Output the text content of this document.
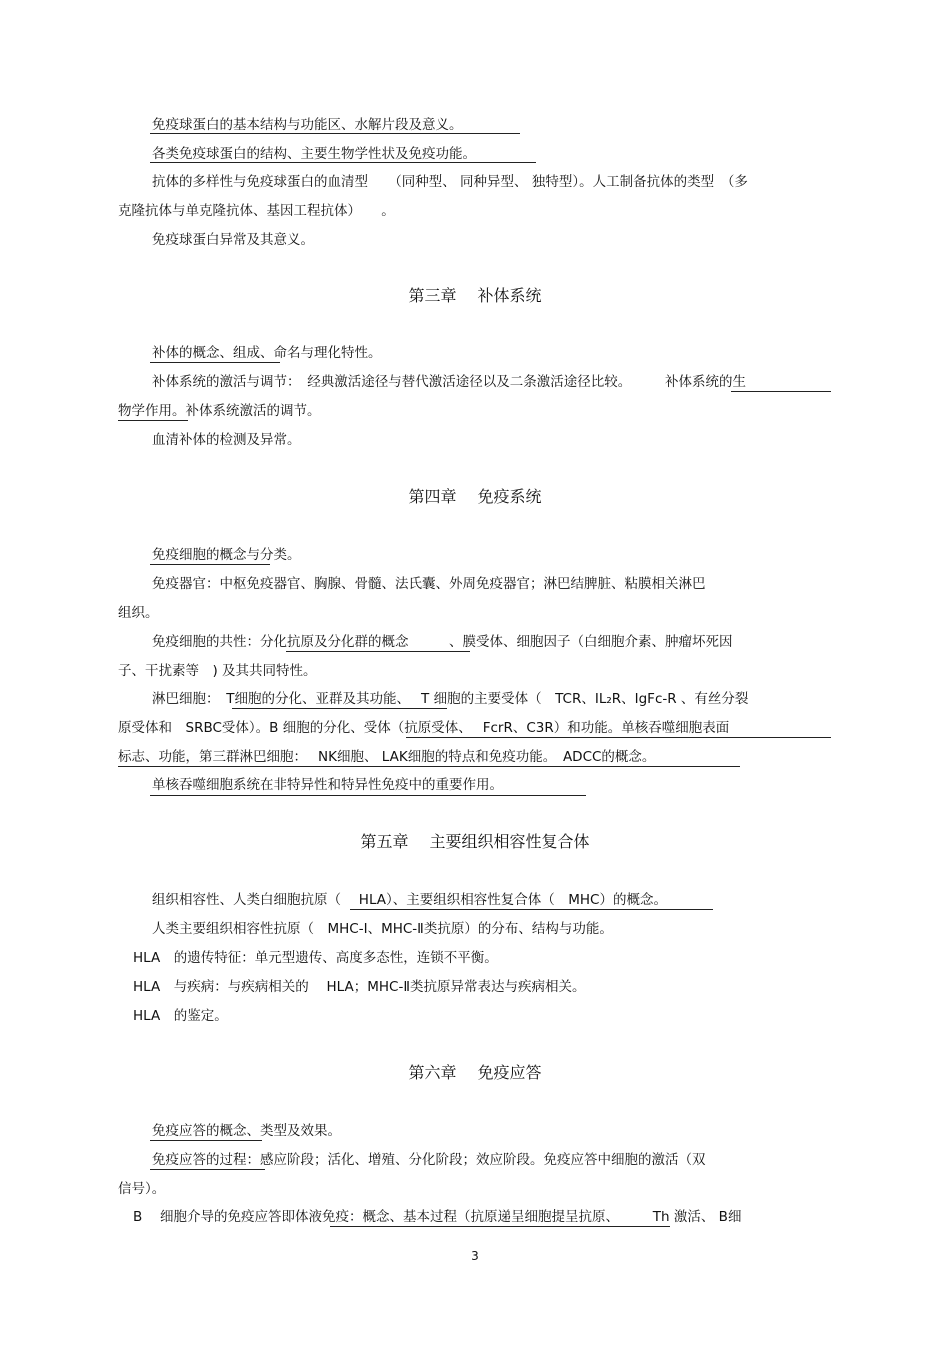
免疫球蛋白的基本结构与功能区、水解片段及意义。
各类免疫球蛋白的结构、主要生物学性状及免疫功能。
抗体的多样性与免疫球蛋白的血清型　　（同种型、 同种异型、 独特型）。人工制备抗体的类型　（多
克隆抗体与单克隆抗体、基因工程抗体）　　。
免疫球蛋白异常及其意义。
第三章　 补体系统
补体的概念、组成、命名与理化特性。
补体系统的激活与调节：　经典激活途径与替代激活途径以及二条激活途径比较。　　　补体系统的生
物学作用。补体系统激活的调节。
血清补体的检测及异常。
第四章　 免疫系统
免疫细胞的概念与分类。
免疫器官：中枢免疫器官、胸腺、骨髓、法氏囊、外周免疫器官；淋巴结脾脏、粘膜相关淋巴
组织。
免疫细胞的共性：分化抗原及分化群的概念　　　、膜受体、细胞因子（白细胞介素、肿瘤坏死因
子、干扰素等　) 及其共同特性。
淋巴细胞：　T细胞的分化、亚群及其功能、　 T 细胞的主要受体（　TCR、IL₂R、IgFc-R 、有丝分裂
原受体和　SRBC受体）。B 细胞的分化、受体（抗原受体、　 FcrR、C3R）和功能。单核吞噬细胞表面
标志、功能，第三群淋巴细胞：　 NK细胞、 LAK细胞的特点和免疫功能。　ADCC的概念。
单核吞噬细胞系统在非特异性和特异性免疫中的重要作用。
第五章　 主要组织相容性复合体
组织相容性、人类白细胞抗原（　 HLA）、主要组织相容性复合体（　MHC）的概念。
人类主要组织相容性抗原（　MHC-Ⅰ、MHC-Ⅱ类抗原）的分布、结构与功能。
HLA　的遗传特征：单元型遗传、高度多态性，连锁不平衡。
HLA　与疾病：与疾病相关的　 HLA；MHC-Ⅱ类抗原异常表达与疾病相关。
HLA　的鉴定。
第六章　 免疫应答
免疫应答的概念、类型及效果。
免疫应答的过程：感应阶段；活化、增殖、分化阶段；效应阶段。免疫应答中细胞的激活（双
信号）。
B　 细胞介导的免疫应答即体液免疫：概念、基本过程（抗原递呈细胞提呈抗原、　　　Th 激活、 B细
3
